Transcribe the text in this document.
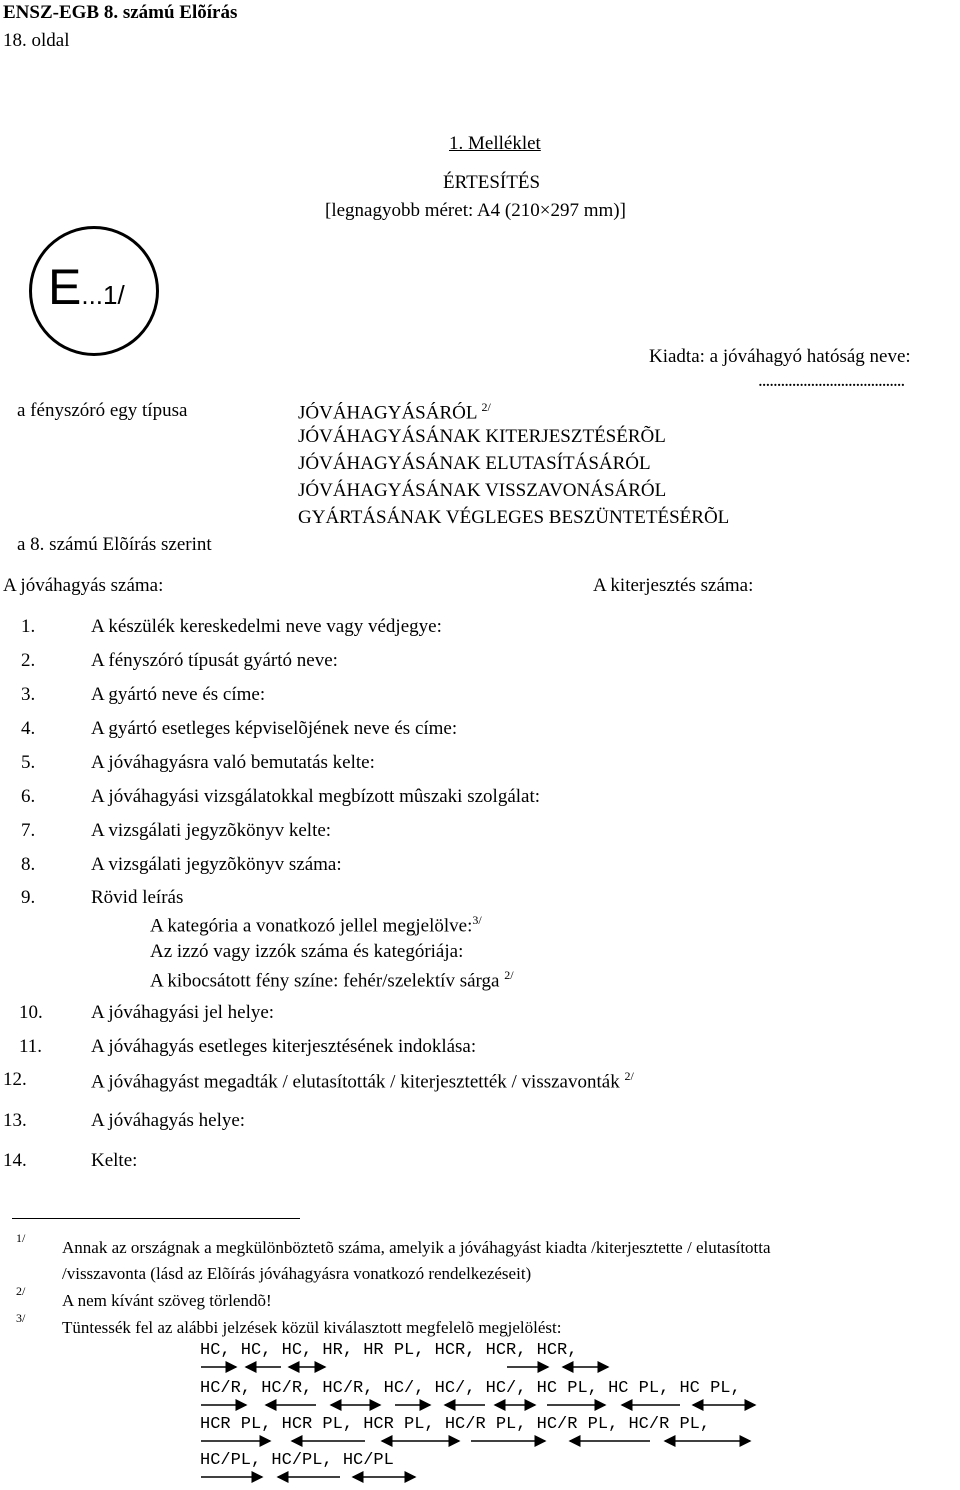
ENSZ-EGB 8. számú Elõírás
18. oldal
1. Melléklet
ÉRTESÍTÉS
[legnagyobb méret: A4 (210×297 mm)]
E...1/
Kiadta: a jóváhagyó hatóság neve:
.......................................
a fényszóró egy típusa
a 8. számú Elõírás szerint
JÓVÁHAGYÁSÁRÓL $^{2/}$
JÓVÁHAGYÁSÁNAK KITERJESZTÉSÉRÕL
JÓVÁHAGYÁSÁNAK ELUTASÍTÁSÁRÓL
JÓVÁHAGYÁSÁNAK VISSZAVONÁSÁRÓL
GYÁRTÁSÁNAK VÉGLEGES BESZÜNTETÉSÉRÕL
A jóváhagyás száma:	A kiterjesztés száma:
1.	A készülék kereskedelmi neve vagy védjegye:
2.	A fényszóró típusát gyártó neve:
3.	A gyártó neve és címe:
4.	A gyártó esetleges képviselõjének neve és címe:
5.	A jóváhagyásra való bemutatás kelte:
6.	A jóváhagyási vizsgálatokkal megbízott mûszaki szolgálat:
7.	A vizsgálati jegyzõkönyv kelte:
8.	A vizsgálati jegyzõkönyv száma:
9.	Rövid leírás
A kategória a vonatkozó jellel megjelölve:$^{3/}$
Az izzó vagy izzók száma és kategóriája:
A kibocsátott fény színe: fehér/szelektív sárga $^{2/}$
10.	A jóváhagyási jel helye:
11.	A jóváhagyás esetleges kiterjesztésének indoklása:
12.	A jóváhagyást megadták / elutasították / kiterjesztették / visszavonták $^{2/}$
13.	A jóváhagyás helye:
14.	Kelte:
1/ Annak az országnak a megkülönböztetõ száma, amelyik a jóváhagyást kiadta /kiterjesztette / elutasította
/visszavonta (lásd az Elõírás jóváhagyásra vonatkozó rendelkezéseit)
2/ A nem kívánt szöveg törlendõ!
3/ Tüntessék fel az alábbi jelzések közül kiválasztott megfelelõ megjelölést:
HC, HC, HC, HR, HR PL, HCR, HCR, HCR,
HC/R, HC/R, HC/R, HC/, HC/, HC/, HC PL, HC PL, HC PL,
HCR PL, HCR PL, HCR PL, HC/R PL, HC/R PL, HC/R PL,
HC/PL, HC/PL, HC/PL
